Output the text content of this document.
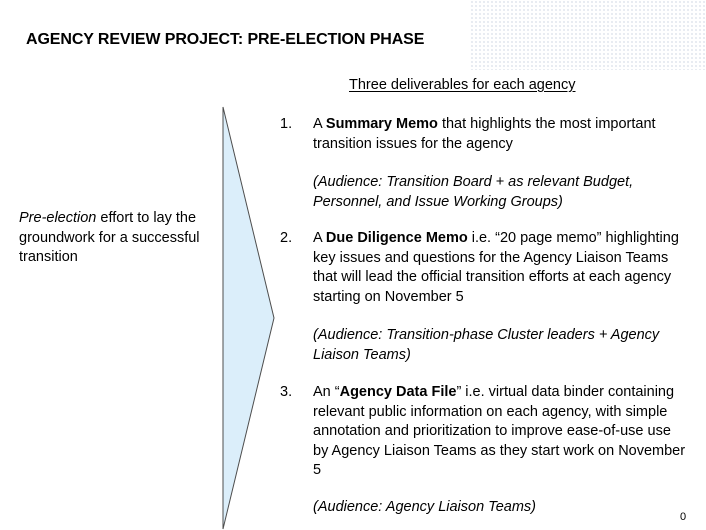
AGENCY REVIEW PROJECT: PRE-ELECTION PHASE
Three deliverables for each agency
Pre-election effort to lay the groundwork for a successful transition
1. A Summary Memo that highlights the most important transition issues for the agency
(Audience: Transition Board + as relevant Budget, Personnel, and Issue Working Groups)
2. A Due Diligence Memo i.e. “20 page memo” highlighting key issues and questions for the Agency Liaison Teams that will lead the official transition efforts at each agency starting on November 5
(Audience: Transition-phase Cluster leaders + Agency Liaison Teams)
3. An “Agency Data File” i.e. virtual data binder containing relevant public information on each agency, with simple annotation and prioritization to improve ease-of-use use by Agency Liaison Teams as they start work on November 5
(Audience: Agency Liaison Teams)
0
